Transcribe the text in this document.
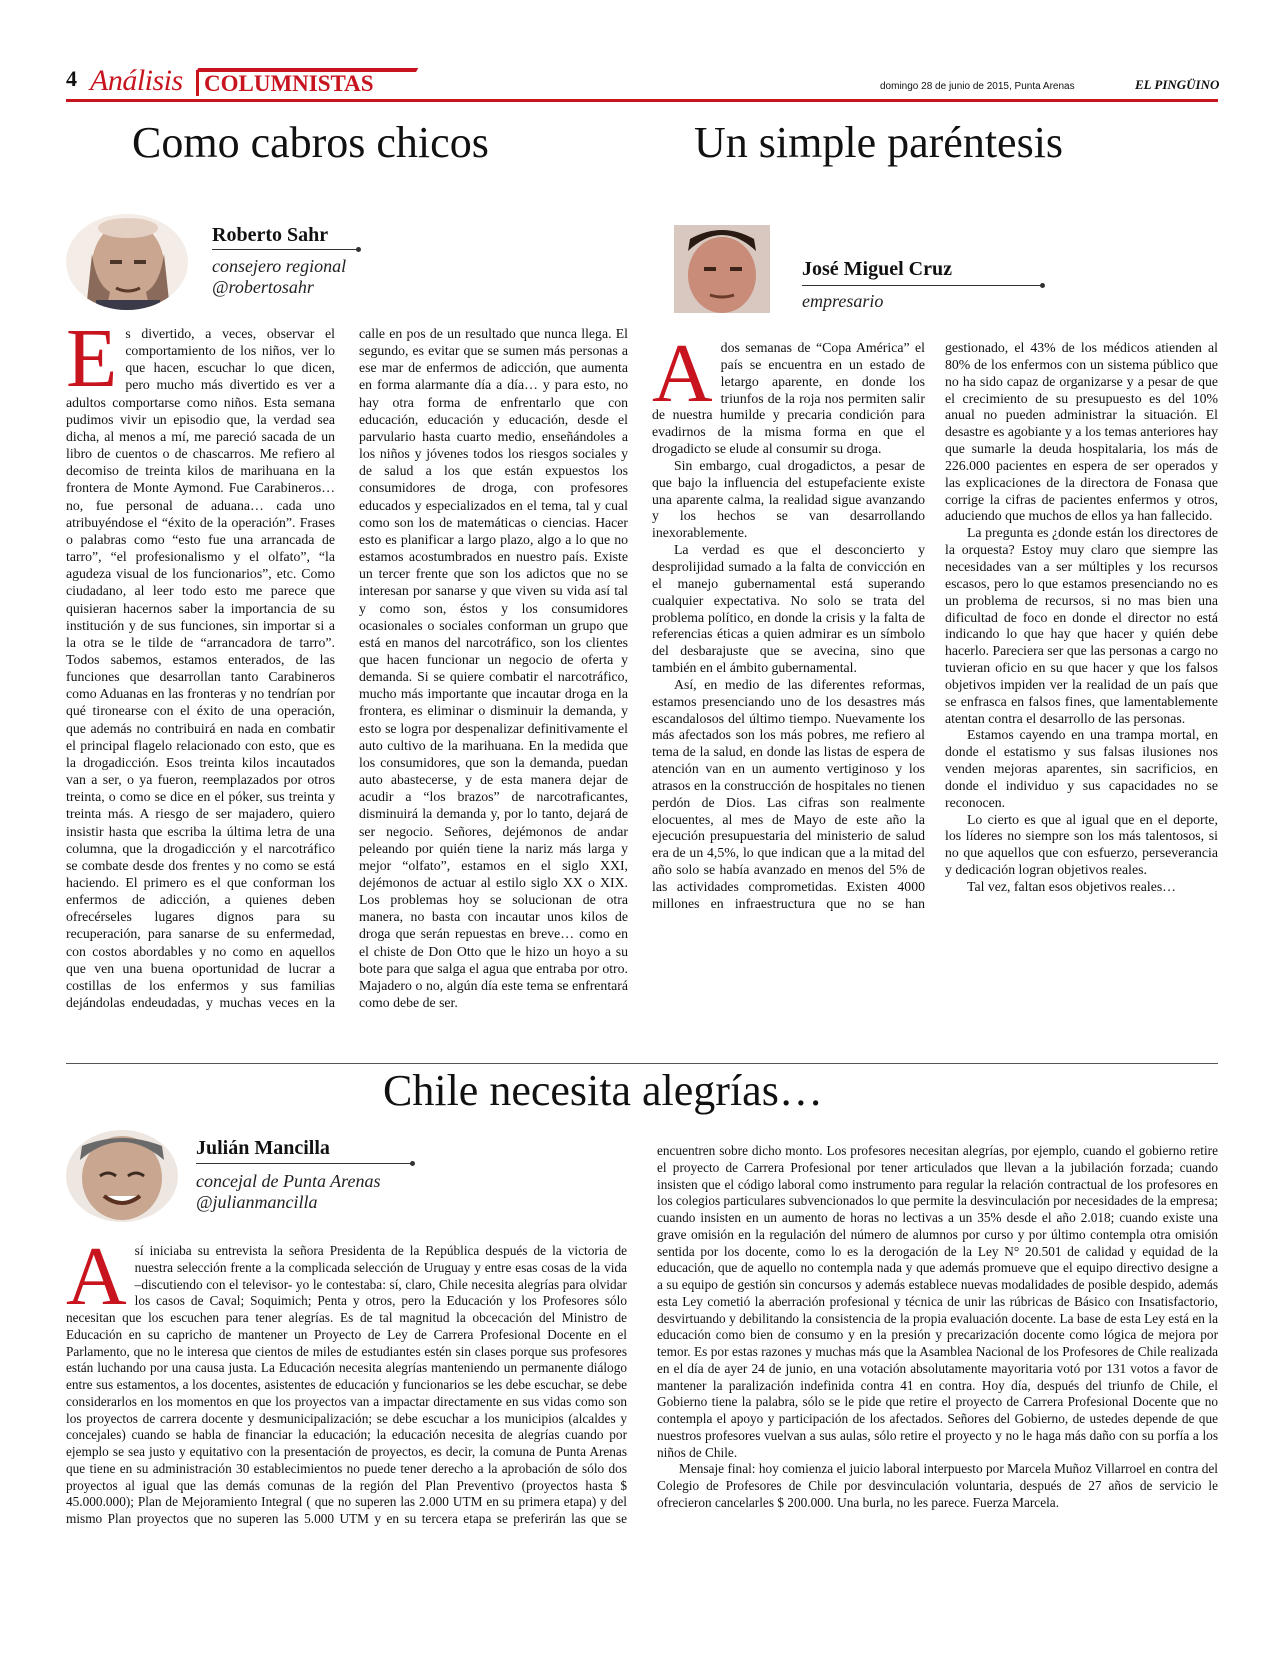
4 Análisis COLUMNISTAS	domingo 28 de junio de 2015, Punta Arenas	EL PINGÜINO
Como cabros chicos
Roberto Sahr
consejero regional
@robertosahr

Es divertido, a veces, observar el comportamiento de los niños, ver lo que hacen, escuchar lo que dicen, pero mucho más divertido es ver a adultos comportarse como niños. Esta semana pudimos vivir un episodio que, la verdad sea dicha, al menos a mí, me pareció sacada de un libro de cuentos o de chascarros. Me refiero al decomiso de treinta kilos de marihuana en la frontera de Monte Aymond. Fue Carabineros… no, fue personal de aduana… cada uno atribuyéndose el “éxito de la operación”. Frases o palabras como “esto fue una arrancada de tarro”, “el profesionalismo y el olfato”, “la agudeza visual de los funcionarios”, etc. Como ciudadano, al leer todo esto me parece que quisieran hacernos saber la importancia de su institución y de sus funciones, sin importar si a la otra se le tilde de “arrancadora de tarro”. Todos sabemos, estamos enterados, de las funciones que desarrollan tanto Carabineros como Aduanas en las fronteras y no tendrían por qué tironearse con el éxito de una operación, que además no contribuirá en nada en combatir el principal flagelo relacionado con esto, que es la drogadicción. Esos treinta kilos incautados van a ser, o ya fueron, reemplazados por otros treinta, o como se dice en el póker, sus treinta y treinta más. A riesgo de ser majadero, quiero insistir hasta que escriba la última letra de una columna, que la drogadicción y el narcotráfico se combate desde dos frentes y no como se está haciendo. El primero es el que conforman los enfermos de adicción, a quienes deben ofrecérseles lugares dignos para su recuperación, para sanarse de su enfermedad, con costos abordables y no como en aquellos que ven una buena oportunidad de lucrar a costillas de los enfermos y sus familias dejándolas endeudadas, y muchas veces en la calle en pos de un resultado que nunca llega. El segundo, es evitar que se sumen más personas a ese mar de enfermos de adicción, que aumenta en forma alarmante día a día… y para esto, no hay otra forma de enfrentarlo que con educación, educación y educación, desde el parvulario hasta cuarto medio, enseñándoles a los niños y jóvenes todos los riesgos sociales y de salud a los que están expuestos los consumidores de droga, con profesores educados y especializados en el tema, tal y cual como son los de matemáticas o ciencias. Hacer esto es planificar a largo plazo, algo a lo que no estamos acostumbrados en nuestro país. Existe un tercer frente que son los adictos que no se interesan por sanarse y que viven su vida así tal y como son, éstos y los consumidores ocasionales o sociales conforman un grupo que está en manos del narcotráfico, son los clientes que hacen funcionar un negocio de oferta y demanda. Si se quiere combatir el narcotráfico, mucho más importante que incautar droga en la frontera, es eliminar o disminuir la demanda, y esto se logra por despenalizar definitivamente el auto cultivo de la marihuana. En la medida que los consumidores, que son la demanda, puedan auto abastecerse, y de esta manera dejar de acudir a “los brazos” de narcotraficantes, disminuirá la demanda y, por lo tanto, dejará de ser negocio. Señores, dejémonos de andar peleando por quién tiene la nariz más larga y mejor “olfato”, estamos en el siglo XXI, dejémonos de actuar al estilo siglo XX o XIX. Los problemas hoy se solucionan de otra manera, no basta con incautar unos kilos de droga que serán repuestas en breve… como en el chiste de Don Otto que le hizo un hoyo a su bote para que salga el agua que entraba por otro. Majadero o no, algún día este tema se enfrentará como debe de ser.

Un simple paréntesis
José Miguel Cruz
empresario

Ados semanas de “Copa América” el país se encuentra en un estado de letargo aparente, en donde los triunfos de la roja nos permiten salir de nuestra humilde y precaria condición para evadirnos de la misma forma en que el drogadicto se elude al consumir su droga.

Sin embargo, cual drogadictos, a pesar de que bajo la influencia del estupefaciente existe una aparente calma, la realidad sigue avanzando y los hechos se van desarrollando inexorablemente.

La verdad es que el desconcierto y desprolijidad sumado a la falta de convicción en el manejo gubernamental está superando cualquier expectativa. No solo se trata del problema político, en donde la crisis y la falta de referencias éticas a quien admirar es un símbolo del desbarajuste que se avecina, sino que también en el ámbito gubernamental.

Así, en medio de las diferentes reformas, estamos presenciando uno de los desastres más escandalosos del último tiempo. Nuevamente los más afectados son los más pobres, me refiero al tema de la salud, en donde las listas de espera de atención van en un aumento vertiginoso y los atrasos en la construcción de hospitales no tienen perdón de Dios. Las cifras son realmente elocuentes, al mes de Mayo de este año la ejecución presupuestaria del ministerio de salud era de un 4,5%, lo que indican que a la mitad del año solo se había avanzado en menos del 5% de las actividades comprometidas. Existen 4000 millones en infraestructura que no se han gestionado, el 43% de los médicos atienden al 80% de los enfermos con un sistema público que no ha sido capaz de organizarse y a pesar de que el crecimiento de su presupuesto es del 10% anual no pueden administrar la situación. El desastre es agobiante y a los temas anteriores hay que sumarle la deuda hospitalaria, los más de 226.000 pacientes en espera de ser operados y las explicaciones de la directora de Fonasa que corrige la cifras de pacientes enfermos y otros, aduciendo que muchos de ellos ya han fallecido.

La pregunta es ¿donde están los directores de la orquesta? Estoy muy claro que siempre las necesidades van a ser múltiples y los recursos escasos, pero lo que estamos presenciando no es un problema de recursos, si no mas bien una dificultad de foco en donde el director no está indicando lo que hay que hacer y quién debe hacerlo. Pareciera ser que las personas a cargo no tuvieran oficio en su que hacer y que los falsos objetivos impiden ver la realidad de un país que se enfrasca en falsos fines, que lamentablemente atentan contra el desarrollo de las personas.

Estamos cayendo en una trampa mortal, en donde el estatismo y sus falsas ilusiones nos venden mejoras aparentes, sin sacrificios, en donde el individuo y sus capacidades no se reconocen.

Lo cierto es que al igual que en el deporte, los líderes no siempre son los más talentosos, si no que aquellos que con esfuerzo, perseverancia y dedicación logran objetivos reales.

Tal vez, faltan esos objetivos reales…

Chile necesita alegrías…
Julián Mancilla
concejal de Punta Arenas
@julianmancilla

Así iniciaba su entrevista la señora Presidenta de la República después de la victoria de nuestra selección frente a la complicada selección de Uruguay y entre esas cosas de la vida –discutiendo con el televisor- yo le contestaba: sí, claro, Chile necesita alegrías para olvidar los casos de Caval; Soquimich; Penta y otros, pero la Educación y los Profesores sólo necesitan que los escuchen para tener alegrías. Es de tal magnitud la obcecación del Ministro de Educación en su capricho de mantener un Proyecto de Ley de Carrera Profesional Docente en el Parlamento, que no le interesa que cientos de miles de estudiantes estén sin clases porque sus profesores están luchando por una causa justa. La Educación necesita alegrías manteniendo un permanente diálogo entre sus estamentos, a los docentes, asistentes de educación y funcionarios se les debe escuchar, se debe considerarlos en los momentos en que los proyectos van a impactar directamente en sus vidas como son los proyectos de carrera docente y desmunicipalización; se debe escuchar a los municipios (alcaldes y concejales) cuando se habla de financiar la educación; la educación necesita de alegrías cuando por ejemplo se sea justo y equitativo con la presentación de proyectos, es decir, la comuna de Punta Arenas que tiene en su administración 30 establecimientos no puede tener derecho a la aprobación de sólo dos proyectos al igual que las demás comunas de la región del Plan Preventivo (proyectos hasta $ 45.000.000); Plan de Mejoramiento Integral ( que no superen las 2.000 UTM en su primera etapa) y del mismo Plan proyectos que no superen las 5.000 UTM y en su tercera etapa se preferirán las que se encuentren sobre dicho monto. Los profesores necesitan alegrías, por ejemplo, cuando el gobierno retire el proyecto de Carrera Profesional por tener articulados que llevan a la jubilación forzada; cuando insisten que el código laboral como instrumento para regular la relación contractual de los profesores en los colegios particulares subvencionados lo que permite la desvinculación por necesidades de la empresa; cuando insisten en un aumento de horas no lectivas a un 35% desde el año 2.018; cuando existe una grave omisión en la regulación del número de alumnos por curso y por último contempla otra omisión sentida por los docente, como lo es la derogación de la Ley N° 20.501 de calidad y equidad de la educación, que de aquello no contempla nada y que además promueve que el equipo directivo designe a a su equipo de gestión sin concursos y además establece nuevas modalidades de posible despido, además esta Ley cometió la aberración profesional y técnica de unir las rúbricas de Básico con Insatisfactorio, desvirtuando y debilitando la consistencia de la propia evaluación docente. La base de esta Ley está en la educación como bien de consumo y en la presión y precarización docente como lógica de mejora por temor. Es por estas razones y muchas más que la Asamblea Nacional de los Profesores de Chile realizada en el día de ayer 24 de junio, en una votación absolutamente mayoritaria votó por 131 votos a favor de mantener la paralización indefinida contra 41 en contra. Hoy día, después del triunfo de Chile, el Gobierno tiene la palabra, sólo se le pide que retire el proyecto de Carrera Profesional Docente que no contempla el apoyo y participación de los afectados. Señores del Gobierno, de ustedes depende de que nuestros profesores vuelvan a sus aulas, sólo retire el proyecto y no le haga más daño con su porfía a los niños de Chile.

Mensaje final: hoy comienza el juicio laboral interpuesto por Marcela Muñoz Villarroel en contra del Colegio de Profesores de Chile por desvinculación voluntaria, después de 27 años de servicio le ofrecieron cancelarles $ 200.000. Una burla, no les parece. Fuerza Marcela.
